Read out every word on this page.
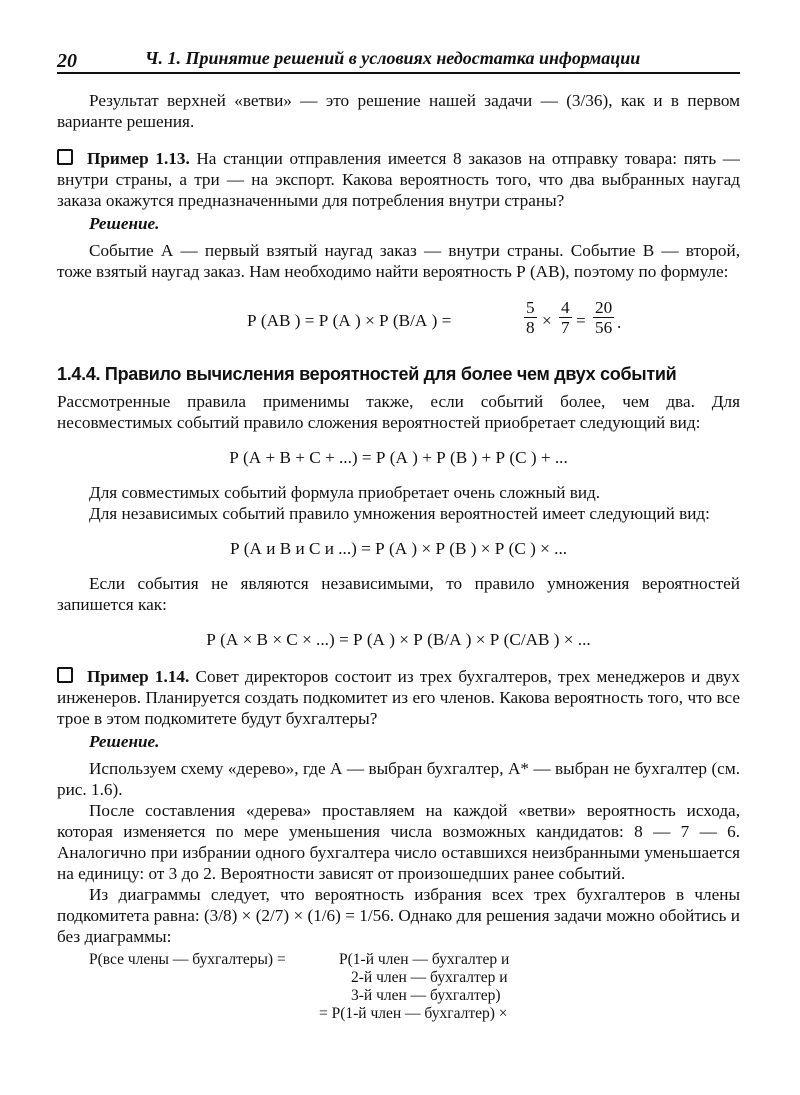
20	Ч. 1. Принятие решений в условиях недостатка информации

Результат верхней «ветви» — это решение нашей задачи — (3/36), как и в первом варианте решения.

Пример 1.13. На станции отправления имеется 8 заказов на отправку товара: пять — внутри страны, а три — на экспорт. Какова вероятность того, что два выбранных наугад заказа окажутся предназначенными для потребления внутри страны?

Решение.

Событие А — первый взятый наугад заказ — внутри страны. Событие В — второй, тоже взятый наугад заказ. Нам необходимо найти вероятность Р (АВ), поэтому по формуле:

Р (АВ ) = Р (А ) × Р (В/А ) =	$\frac{5}{8} \times \frac{4}{7} = \frac{20}{56}$ .
1.4.4. Правило вычисления вероятностей для более чем двух событий

Рассмотренные правила применимы также, если событий более, чем два. Для несовместимых событий правило сложения вероятностей приобретает следующий вид:

Р (А + В + С + ...) = Р (А ) + Р (В ) + Р (С ) + ...

Для совместимых событий формула приобретает очень сложный вид.

Для независимых событий правило умножения вероятностей имеет следующий вид:

Р (А и В и С и ...) = Р (А ) × Р (В ) × Р (С ) × ...

Если события не являются независимыми, то правило умножения вероятностей запишется как:

Р (А × В × С × ...) = Р (А ) × Р (В/А ) × Р (С/АВ ) × ...

Пример 1.14. Совет директоров состоит из трех бухгалтеров, трех менеджеров и двух инженеров. Планируется создать подкомитет из его членов. Какова вероятность того, что все трое в этом подкомитете будут бухгалтеры?

Решение.

Используем схему «дерево», где А — выбран бухгалтер, А* — выбран не бухгалтер (см. рис. 1.6).

После составления «дерева» проставляем на каждой «ветви» вероятность исхода, которая изменяется по мере уменьшения числа возможных кандидатов: 8 — 7 — 6. Аналогично при избрании одного бухгалтера число оставшихся неизбранными уменьшается на единицу: от 3 до 2. Вероятности зависят от произошедших ранее событий.

Из диаграммы следует, что вероятность избрания всех трех бухгалтеров в члены подкомитета равна: (3/8) × (2/7) × (1/6) = 1/56. Однако для решения задачи можно обойтись и без диаграммы:

Р(все члены — бухгалтеры) =	Р(1-й член — бухгалтер и
2-й член — бухгалтер и
3-й член — бухгалтер)
= Р(1-й член — бухгалтер) ×
